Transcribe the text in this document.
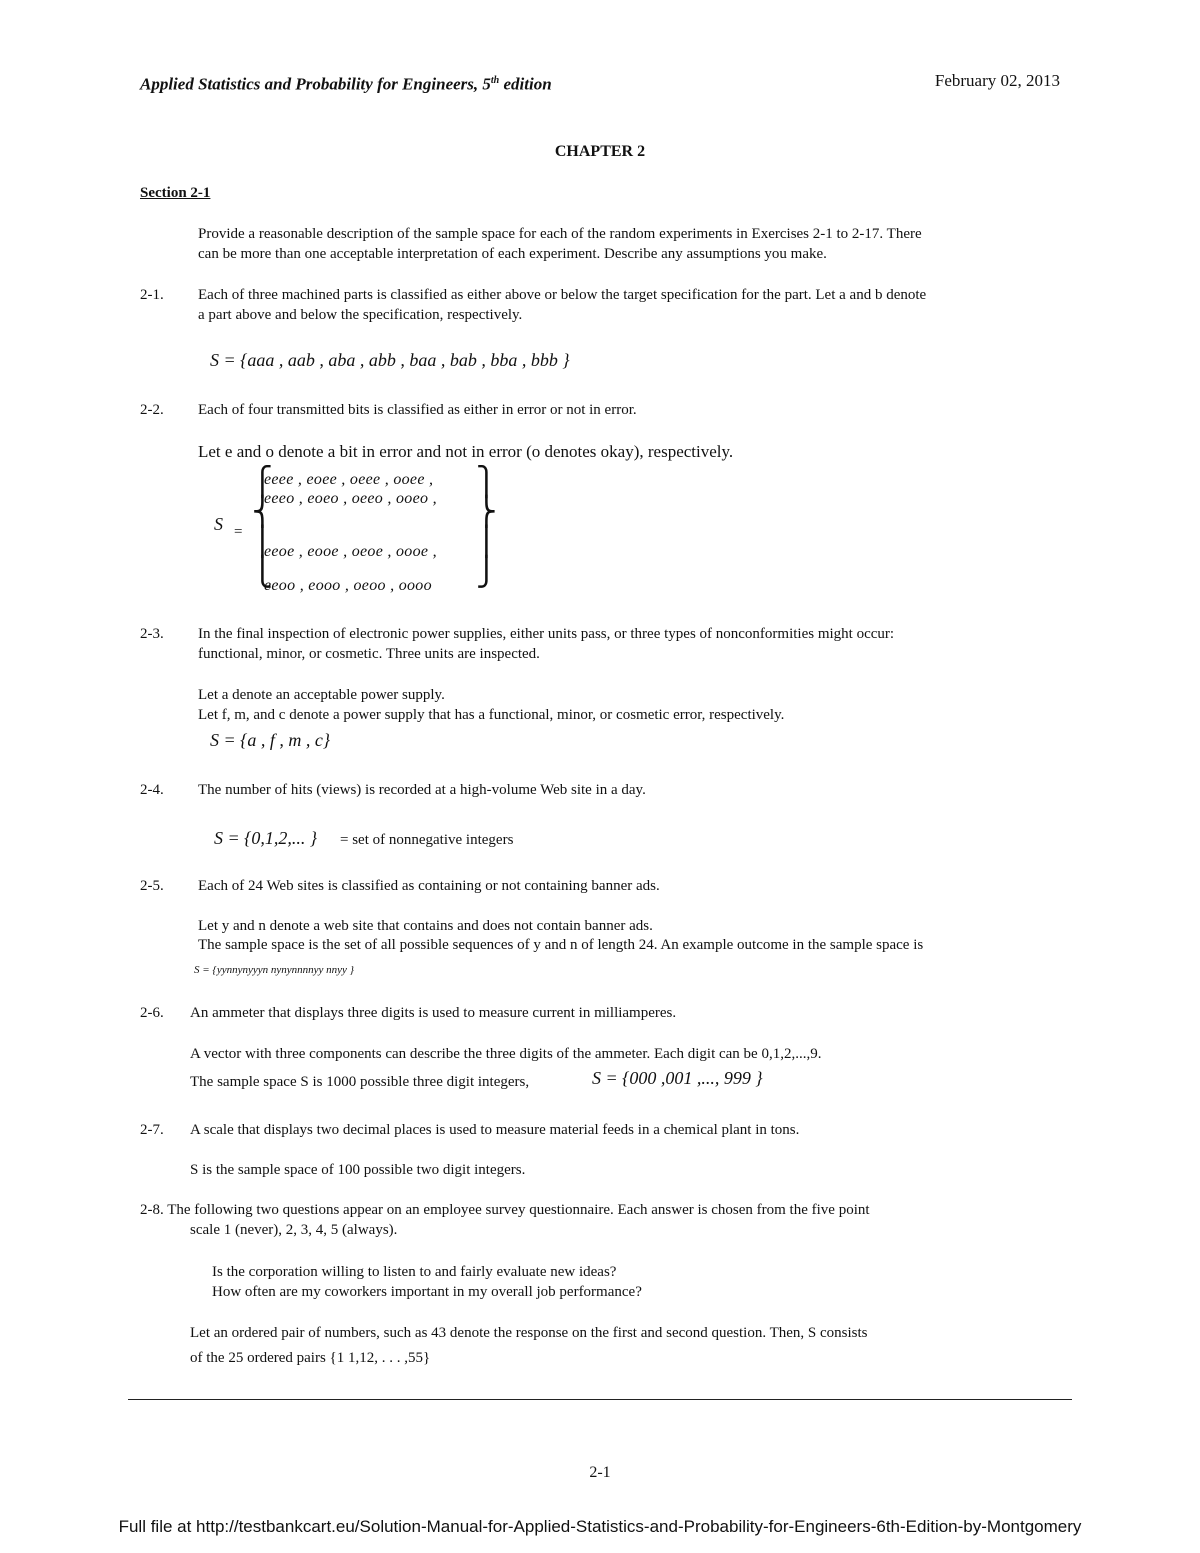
Applied Statistics and Probability for Engineers, 5th edition	February 02, 2013
CHAPTER 2
Section 2-1
Provide a reasonable description of the sample space for each of the random experiments in Exercises 2-1 to 2-17. There
can be more than one acceptable interpretation of each experiment. Describe any assumptions you make.
2-1. Each of three machined parts is classified as either above or below the target specification for the part. Let a and b denote
a part above and below the specification, respectively.
S = {aaa , aab , aba , abb , baa , bab , bba , bbb }
2-2. Each of four transmitted bits is classified as either in error or not in error.
Let e and o denote a bit in error and not in error (o denotes okay), respectively.
⎧
⎨
⎪
⎩
⎫
⎬
⎪
⎭
eeee , eoee , oeee , ooee ,
eeeo , eoeo , oeeo , ooeo ,
eeoe , eooe , oeoe , oooe ,
eeoo , eooo , oeoo , oooo
S =
2-3. In the final inspection of electronic power supplies, either units pass, or three types of nonconformities might occur:
functional, minor, or cosmetic. Three units are inspected.
Let a denote an acceptable power supply.
Let f, m, and c denote a power supply that has a functional, minor, or cosmetic error, respectively.
S = {a , f , m , c}
2-4. The number of hits (views) is recorded at a high-volume Web site in a day.
S = {0,1,2,... } = set of nonnegative integers
2-5. Each of 24 Web sites is classified as containing or not containing banner ads.
Let y and n denote a web site that contains and does not contain banner ads.
The sample space is the set of all possible sequences of y and n of length 24. An example outcome in the sample space is
S = {yynnynyyyn nynynnnnyy nnyy }
2-6. An ammeter that displays three digits is used to measure current in milliamperes.
A vector with three components can describe the three digits of the ammeter. Each digit can be 0,1,2,...,9.
The sample space S is 1000 possible three digit integers,	S = {000 ,001 ,..., 999 }
2-7. A scale that displays two decimal places is used to measure material feeds in a chemical plant in tons.
S is the sample space of 100 possible two digit integers.
2-8. The following two questions appear on an employee survey questionnaire. Each answer is chosen from the five point
scale 1 (never), 2, 3, 4, 5 (always).
Is the corporation willing to listen to and fairly evaluate new ideas?
How often are my coworkers important in my overall job performance?
Let an ordered pair of numbers, such as 43 denote the response on the first and second question. Then, S consists
of the 25 ordered pairs {1 1,12, . . . ,55}
2-1
Full file at http://testbankcart.eu/Solution-Manual-for-Applied-Statistics-and-Probability-for-Engineers-6th-Edition-by-Montgomery
